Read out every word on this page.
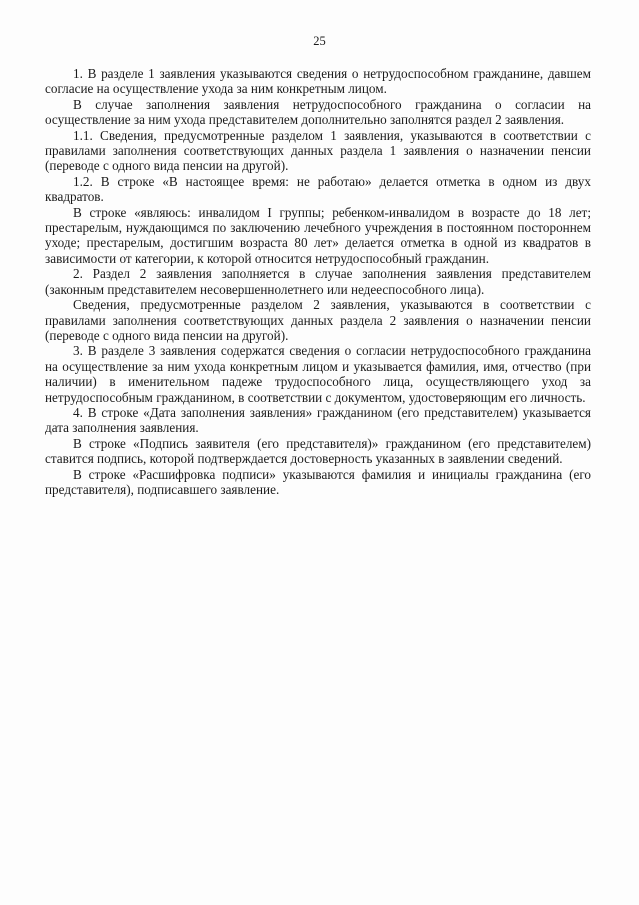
25

1. В разделе 1 заявления указываются сведения о нетрудоспособном гражданине, давшем согласие на осуществление ухода за ним конкретным лицом.

В случае заполнения заявления нетрудоспособного гражданина о согласии на осуществление за ним ухода представителем дополнительно заполнятся раздел 2 заявления.

1.1. Сведения, предусмотренные разделом 1 заявления, указываются в соответствии с правилами заполнения соответствующих данных раздела 1 заявления о назначении пенсии (переводе с одного вида пенсии на другой).

1.2. В строке «В настоящее время: не работаю» делается отметка в одном из двух квадратов.

В строке «являюсь: инвалидом I группы; ребенком-инвалидом в возрасте до 18 лет; престарелым, нуждающимся по заключению лечебного учреждения в постоянном постороннем уходе; престарелым, достигшим возраста 80 лет» делается отметка в одной из квадратов в зависимости от категории, к которой относится нетрудоспособный гражданин.

2. Раздел 2 заявления заполняется в случае заполнения заявления представителем (законным представителем несовершеннолетнего или недееспособного лица).

Сведения, предусмотренные разделом 2 заявления, указываются в соответствии с правилами заполнения соответствующих данных раздела 2 заявления о назначении пенсии (переводе с одного вида пенсии на другой).

3. В разделе 3 заявления содержатся сведения о согласии нетрудоспособного гражданина на осуществление за ним ухода конкретным лицом и указывается фамилия, имя, отчество (при наличии) в именительном падеже трудоспособного лица, осуществляющего уход за нетрудоспособным гражданином, в соответствии с документом, удостоверяющим его личность.

4. В строке «Дата заполнения заявления» гражданином (его представителем) указывается дата заполнения заявления.

В строке «Подпись заявителя (его представителя)» гражданином (его представителем) ставится подпись, которой подтверждается достоверность указанных в заявлении сведений.

В строке «Расшифровка подписи» указываются фамилия и инициалы гражданина (его представителя), подписавшего заявление.
